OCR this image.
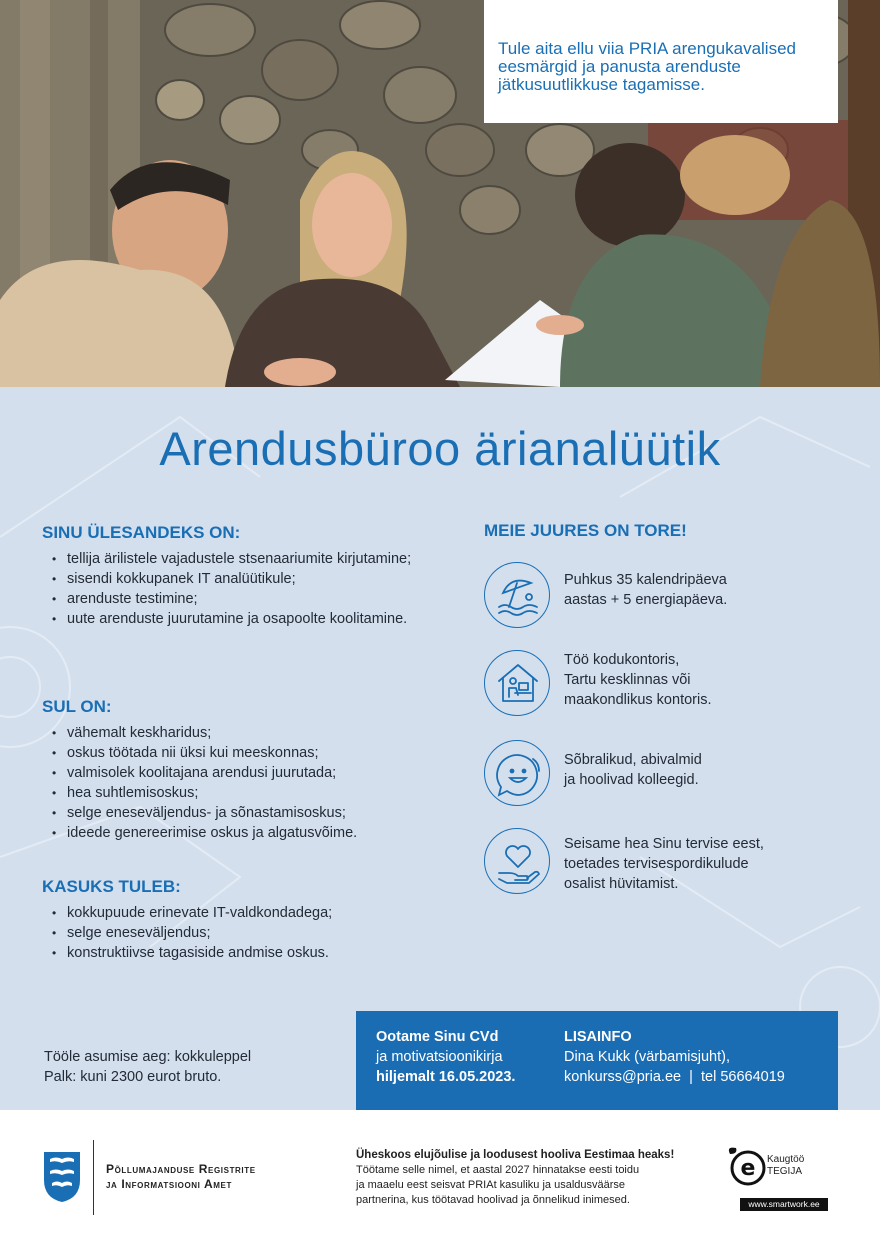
Tule aita ellu viia PRIA arengukavalised eesmärgid ja panusta arenduste jätkusuutlikkuse tagamisse.

Arendusbüroo ärianalüütik
SINU ÜLESANDEKS ON:
• tellija ärilistele vajadustele stsenaariumite kirjutamine;
• sisendi kokkupanek IT analüütikule;
• arenduste testimine;
• uute arenduste juurutamine ja osapoolte koolitamine.
SUL ON:
• vähemalt keskharidus;
• oskus töötada nii üksi kui meeskonnas;
• valmisolek koolitajana arendusi juurutada;
• hea suhtlemisoskus;
• selge eneseväljendus- ja sõnastamisoskus;
• ideede genereerimise oskus ja algatusvõime.
KASUKS TULEB:
• kokkupuude erinevate IT-valdkondadega;
• selge eneseväljendus;
• konstruktiivse tagasiside andmise oskus.
MEIE JUURES ON TORE!
Puhkus 35 kalendripäeva
aastas + 5 energiapäeva.
Töö kodukontoris,
Tartu kesklinnas või
maakondlikus kontoris.
Sõbralikud, abivalmid
ja hoolivad kolleegid.
Seisame hea Sinu tervise eest,
toetades tervisespordikulude
osalist hüvitamist.
Tööle asumise aeg: kokkuleppel
Palk: kuni 2300 eurot bruto.
Ootame Sinu CVd
ja motivatsioonikirja
hiljemalt 16.05.2023.
LISAINFO
Dina Kukk (värbamisjuht),
konkurss@pria.ee | tel 56664019
Põllumajanduse Registrite
ja Informatsiooni Amet
Üheskoos elujõulise ja loodusest hooliva Eestimaa heaks!
Töötame selle nimel, et aastal 2027 hinnatakse eesti toidu
ja maaelu eest seisvat PRIAt kasuliku ja usaldusväärse
partnerina, kus töötavad hoolivad ja õnnelikud inimesed.
e Kaugtöö
TEGIJA
www.smartwork.ee
